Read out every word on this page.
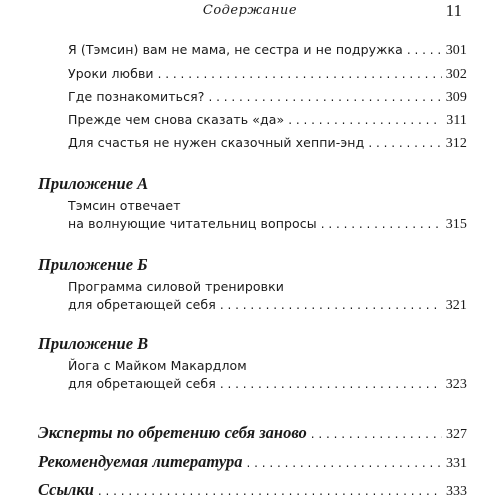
Содержание	11
Я (Тэмсин) вам не мама, не сестра и не подружка . . .	301
Уроки любви . . .	302
Где познакомиться? . . .	309
Прежде чем снова сказать «да» . . .	311
Для счастья не нужен сказочный хеппи-энд . . .	312
Приложение А
Тэмсин отвечает
на волнующие читательниц вопросы . . .	315
Приложение Б
Программа силовой тренировки
для обретающей себя . . .	321
Приложение В
Йога с Майком Макардлом
для обретающей себя . . .	323
Эксперты по обретению себя заново . . .	327
Рекомендуемая литература . . .	331
Ссылки . . .	333
